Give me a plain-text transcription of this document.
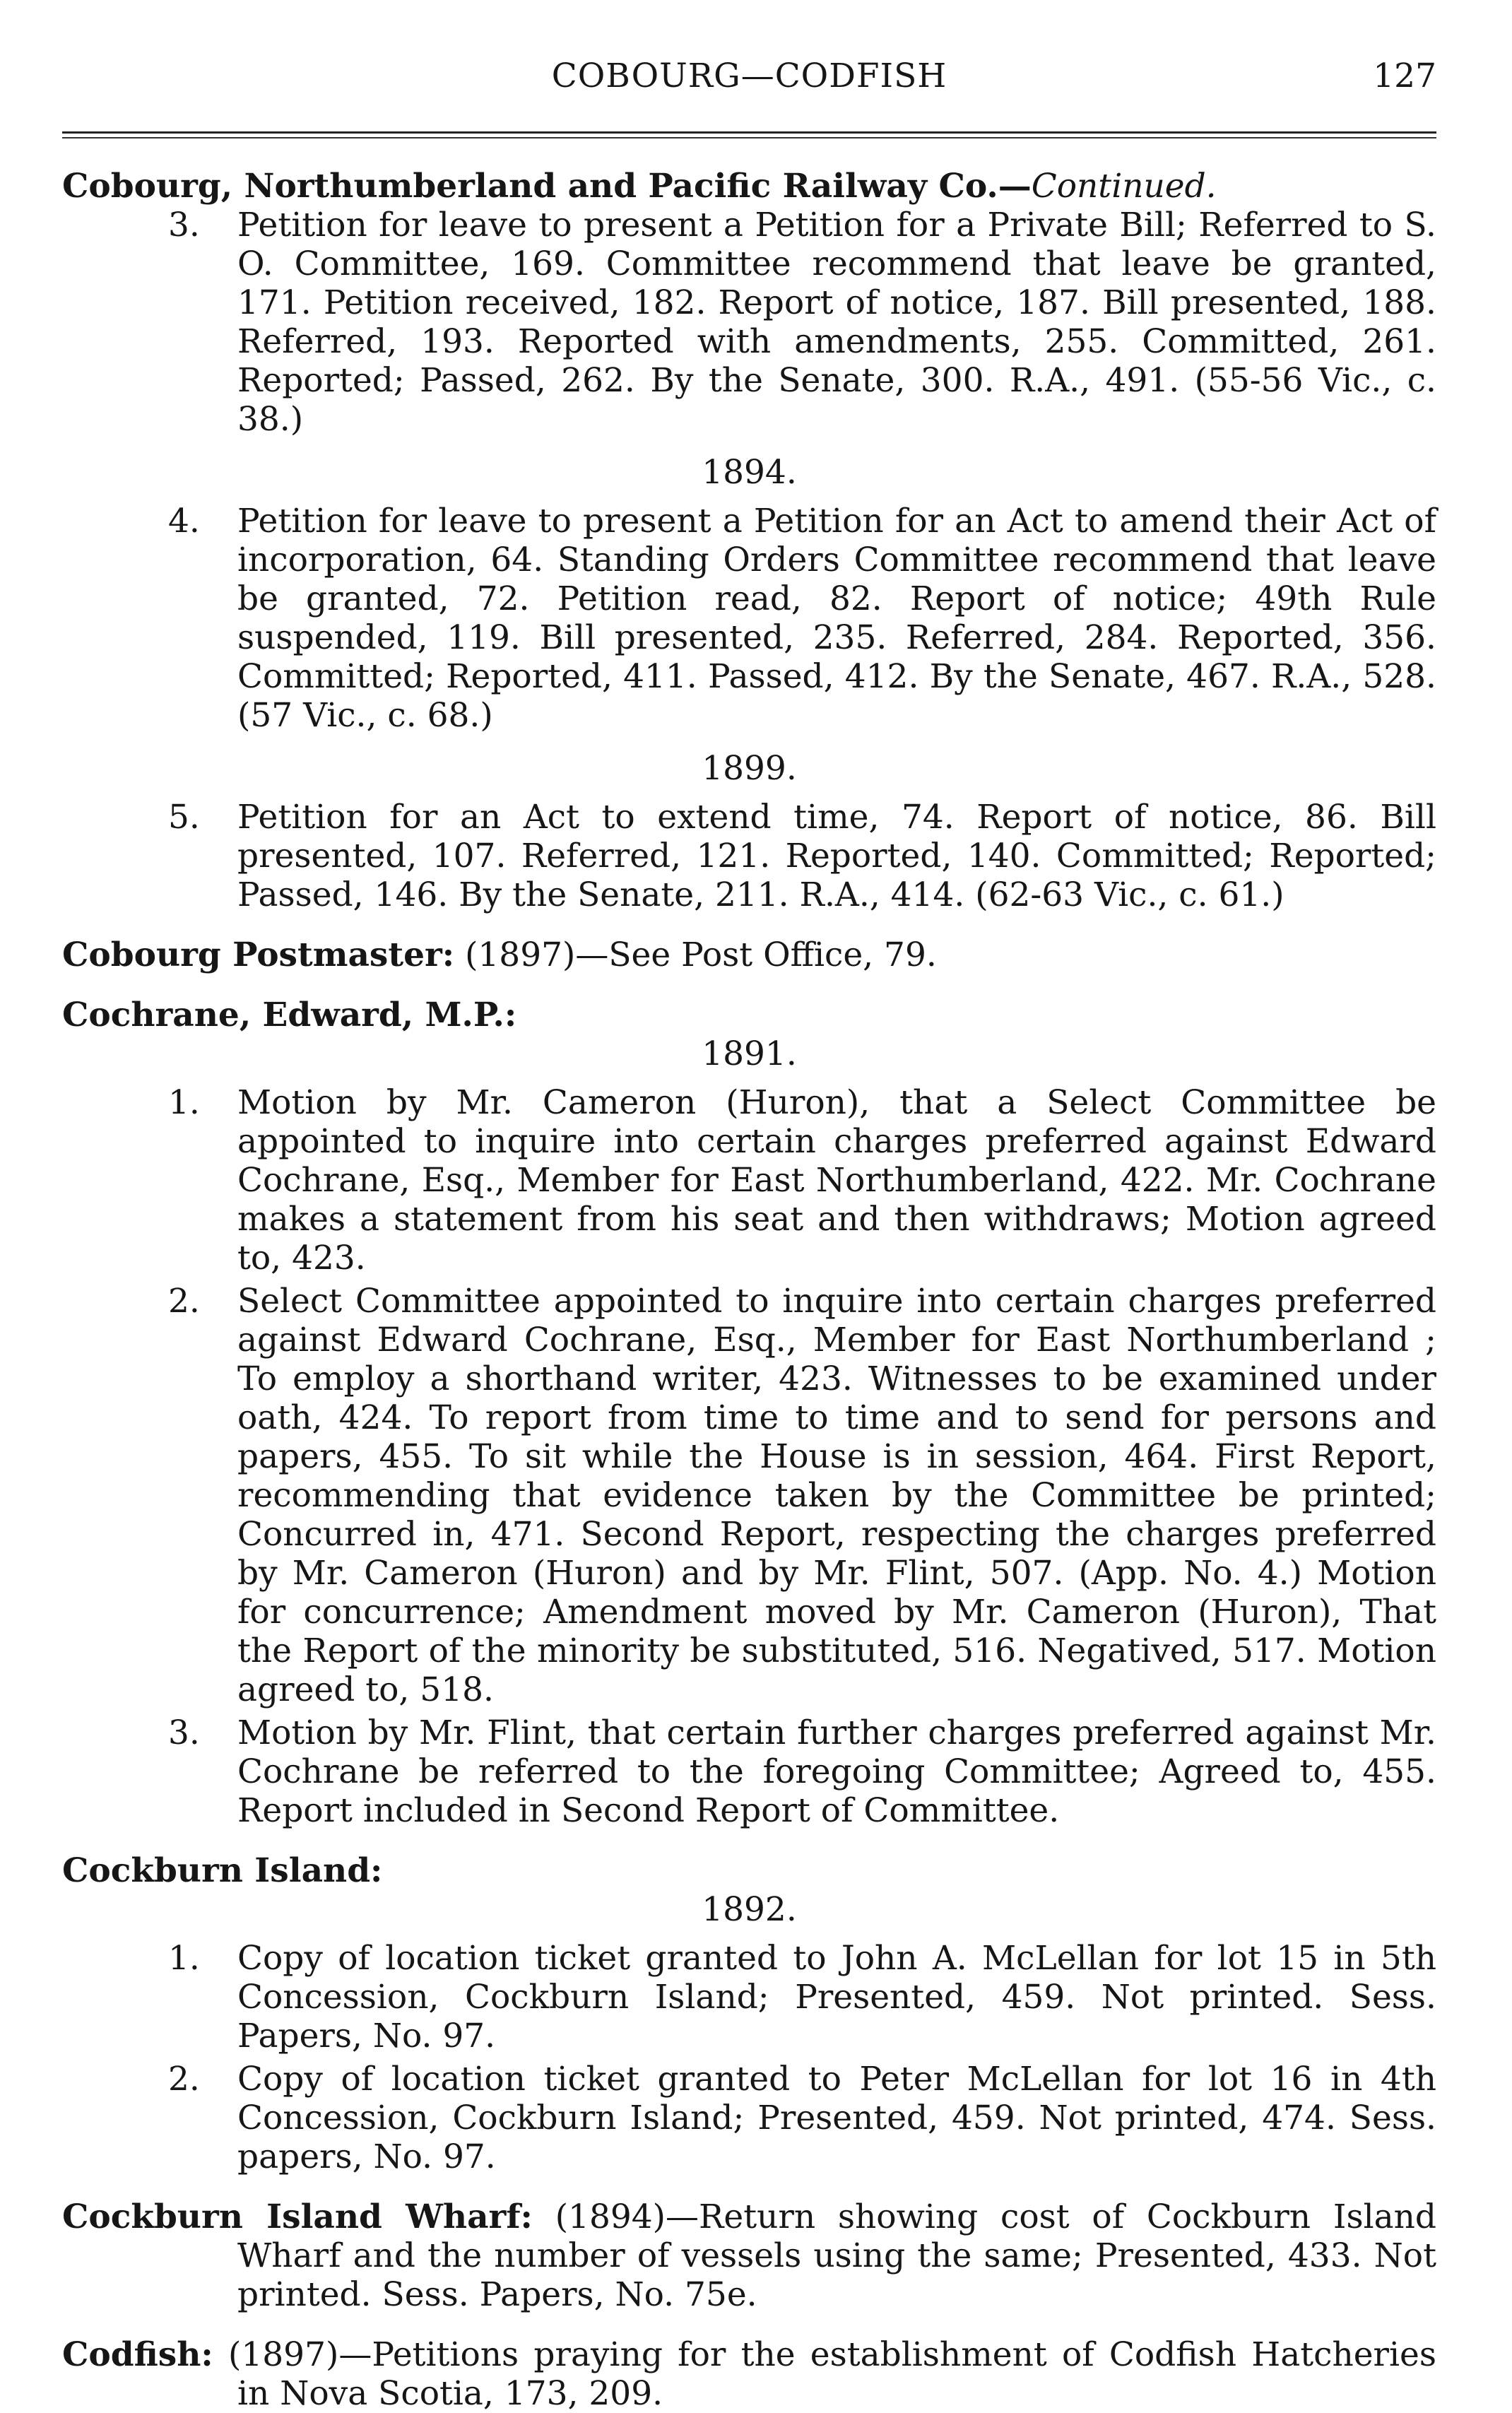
COBOURG—CODFISH	127
Cobourg, Northumberland and Pacific Railway Co.—Continued.
3. Petition for leave to present a Petition for a Private Bill; Referred to S. O. Committee, 169. Committee recommend that leave be granted, 171. Petition received, 182. Report of notice, 187. Bill presented, 188. Referred, 193. Reported with amendments, 255. Committed, 261. Reported; Passed, 262. By the Senate, 300. R.A., 491. (55-56 Vic., c. 38.)
1894.
4. Petition for leave to present a Petition for an Act to amend their Act of incorporation, 64. Standing Orders Committee recommend that leave be granted, 72. Petition read, 82. Report of notice; 49th Rule suspended, 119. Bill presented, 235. Referred, 284. Reported, 356. Committed; Reported, 411. Passed, 412. By the Senate, 467. R.A., 528. (57 Vic., c. 68.)
1899.
5. Petition for an Act to extend time, 74. Report of notice, 86. Bill presented, 107. Referred, 121. Reported, 140. Committed; Reported; Passed, 146. By the Senate, 211. R.A., 414. (62-63 Vic., c. 61.)
Cobourg Postmaster: (1897)—See Post Office, 79.
Cochrane, Edward, M.P.:
1891.
1. Motion by Mr. Cameron (Huron), that a Select Committee be appointed to inquire into certain charges preferred against Edward Cochrane, Esq., Member for East Northumberland, 422. Mr. Cochrane makes a statement from his seat and then withdraws; Motion agreed to, 423.
2. Select Committee appointed to inquire into certain charges preferred against Edward Cochrane, Esq., Member for East Northumberland ; To employ a shorthand writer, 423. Witnesses to be examined under oath, 424. To report from time to time and to send for persons and papers, 455. To sit while the House is in session, 464. First Report, recommending that evidence taken by the Committee be printed; Concurred in, 471. Second Report, respecting the charges preferred by Mr. Cameron (Huron) and by Mr. Flint, 507. (App. No. 4.) Motion for concurrence; Amendment moved by Mr. Cameron (Huron), That the Report of the minority be substituted, 516. Negatived, 517. Motion agreed to, 518.
3. Motion by Mr. Flint, that certain further charges preferred against Mr. Cochrane be referred to the foregoing Committee; Agreed to, 455. Report included in Second Report of Committee.
Cockburn Island:
1892.
1. Copy of location ticket granted to John A. McLellan for lot 15 in 5th Concession, Cockburn Island; Presented, 459. Not printed. Sess. Papers, No. 97.
2. Copy of location ticket granted to Peter McLellan for lot 16 in 4th Concession, Cockburn Island; Presented, 459. Not printed, 474. Sess. papers, No. 97.
Cockburn Island Wharf: (1894)—Return showing cost of Cockburn Island Wharf and the number of vessels using the same; Presented, 433. Not printed. Sess. Papers, No. 75e.
Codfish: (1897)—Petitions praying for the establishment of Codfish Hatcheries in Nova Scotia, 173, 209.
